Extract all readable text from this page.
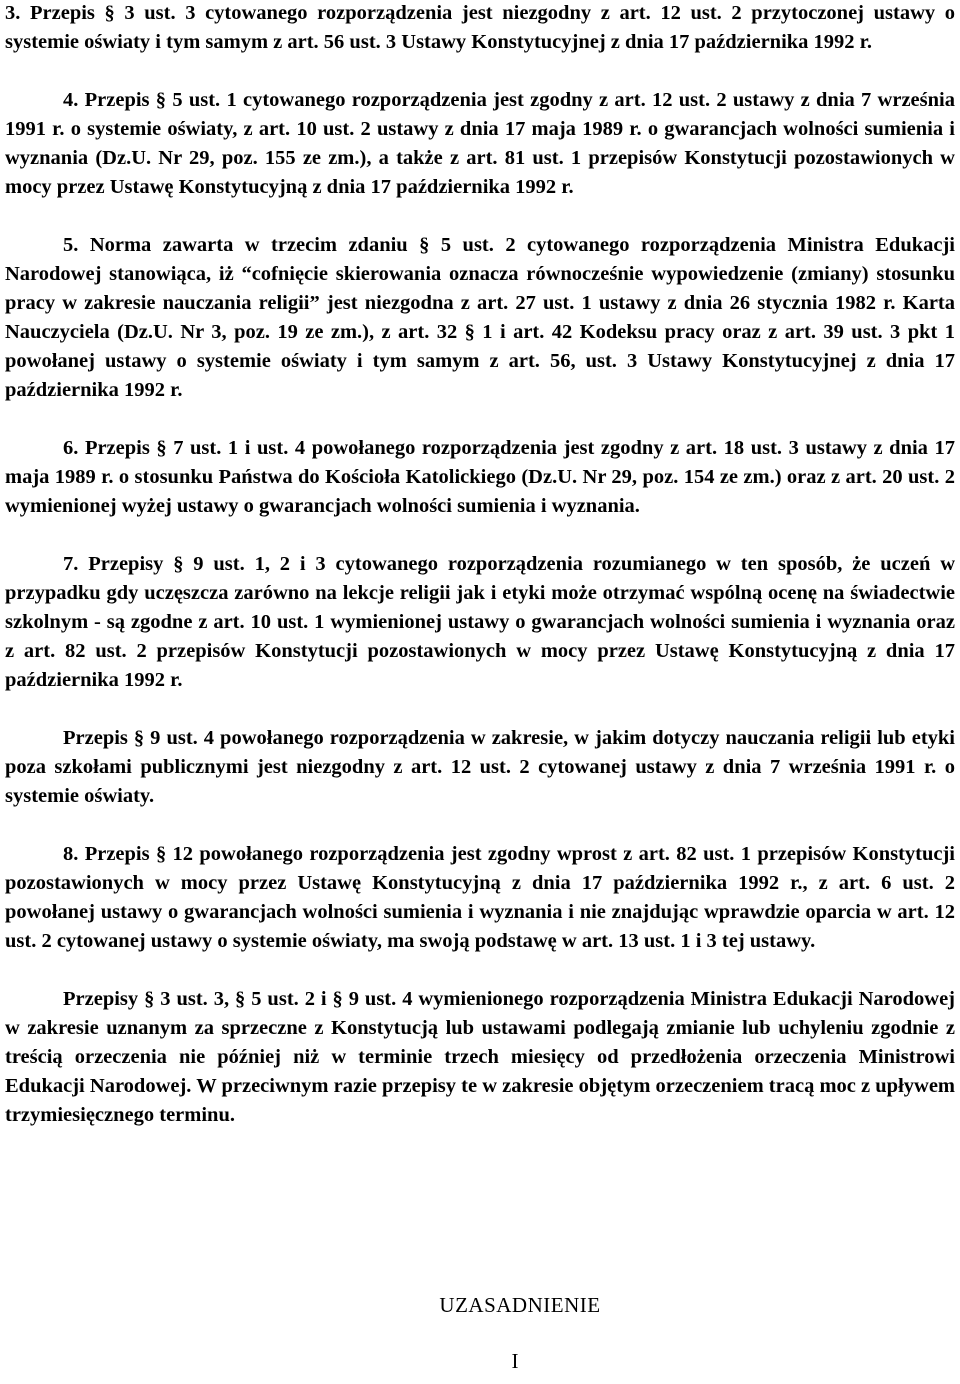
3. Przepis § 3 ust. 3 cytowanego rozporządzenia jest niezgodny z art. 12 ust. 2 przytoczonej ustawy o systemie oświaty i tym samym z art. 56 ust. 3 Ustawy Konstytucyjnej z dnia 17 października 1992 r.

4. Przepis § 5 ust. 1 cytowanego rozporządzenia jest zgodny z art. 12 ust. 2 ustawy z dnia 7 września 1991 r. o systemie oświaty, z art. 10 ust. 2 ustawy z dnia 17 maja 1989 r. o gwarancjach wolności sumienia i wyznania (Dz.U. Nr 29, poz. 155 ze zm.), a także z art. 81 ust. 1 przepisów Konstytucji pozostawionych w mocy przez Ustawę Konstytucyjną z dnia 17 października 1992 r.

5. Norma zawarta w trzecim zdaniu § 5 ust. 2 cytowanego rozporządzenia Ministra Edukacji Narodowej stanowiąca, iż “cofnięcie skierowania oznacza równocześnie wypowiedzenie (zmiany) stosunku pracy w zakresie nauczania religii” jest niezgodna z art. 27 ust. 1 ustawy z dnia 26 stycznia 1982 r. Karta Nauczyciela (Dz.U. Nr 3, poz. 19 ze zm.), z art. 32 § 1 i art. 42 Kodeksu pracy oraz z art. 39 ust. 3 pkt 1 powołanej ustawy o systemie oświaty i tym samym z art. 56, ust. 3 Ustawy Konstytucyjnej z dnia 17 października 1992 r.

6. Przepis § 7 ust. 1 i ust. 4 powołanego rozporządzenia jest zgodny z art. 18 ust. 3 ustawy z dnia 17 maja 1989 r. o stosunku Państwa do Kościoła Katolickiego (Dz.U. Nr 29, poz. 154 ze zm.) oraz z art. 20 ust. 2 wymienionej wyżej ustawy o gwarancjach wolności sumienia i wyznania.

7. Przepisy § 9 ust. 1, 2 i 3 cytowanego rozporządzenia rozumianego w ten sposób, że uczeń w przypadku gdy uczęszcza zarówno na lekcje religii jak i etyki może otrzymać wspólną ocenę na świadectwie szkolnym - są zgodne z art. 10 ust. 1 wymienionej ustawy o gwarancjach wolności sumienia i wyznania oraz z art. 82 ust. 2 przepisów Konstytucji pozostawionych w mocy przez Ustawę Konstytucyjną z dnia 17 października 1992 r.

Przepis § 9 ust. 4 powołanego rozporządzenia w zakresie, w jakim dotyczy nauczania religii lub etyki poza szkołami publicznymi jest niezgodny z art. 12 ust. 2 cytowanej ustawy z dnia 7 września 1991 r. o systemie oświaty.

8. Przepis § 12 powołanego rozporządzenia jest zgodny wprost z art. 82 ust. 1 przepisów Konstytucji pozostawionych w mocy przez Ustawę Konstytucyjną z dnia 17 października 1992 r., z art. 6 ust. 2 powołanej ustawy o gwarancjach wolności sumienia i wyznania i nie znajdując wprawdzie oparcia w art. 12 ust. 2 cytowanej ustawy o systemie oświaty, ma swoją podstawę w art. 13 ust. 1 i 3 tej ustawy.

Przepisy § 3 ust. 3, § 5 ust. 2 i § 9 ust. 4 wymienionego rozporządzenia Ministra Edukacji Narodowej w zakresie uznanym za sprzeczne z Konstytucją lub ustawami podlegają zmianie lub uchyleniu zgodnie z treścią orzeczenia nie później niż w terminie trzech miesięcy od przedłożenia orzeczenia Ministrowi Edukacji Narodowej. W przeciwnym razie przepisy te w zakresie objętym orzeczeniem tracą moc z upływem trzymiesięcznego terminu.

UZASADNIENIE
I
